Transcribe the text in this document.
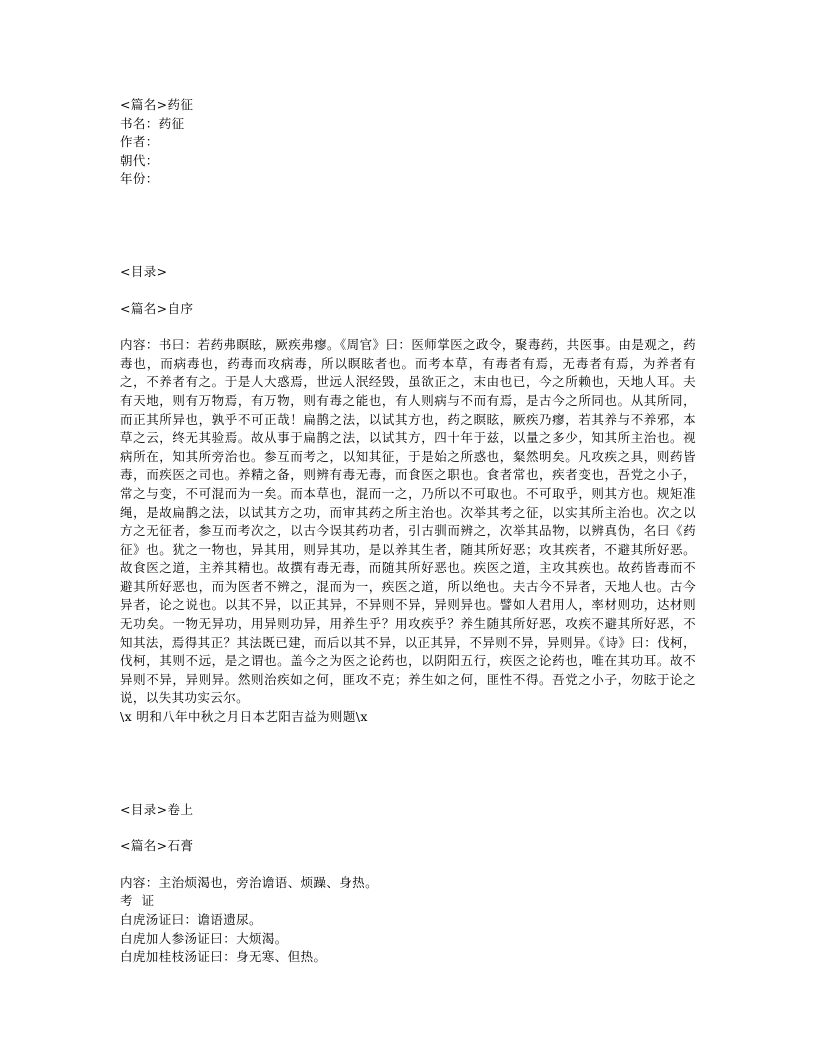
<篇名>药征

书名：药征

作者：

朝代：

年份：

<目录>

<篇名>自序

内容：书曰：若药弗瞑眩，厥疾弗瘳。《周官》曰：医师掌医之政令，聚毒药，共医事。由是观之，药毒也，而病毒也，药毒而攻病毒，所以瞑眩者也。而考本草，有毒者有焉，无毒者有焉，为养者有之，不养者有之。于是人大惑焉，世远人泯经毁，虽欲正之，末由也已，今之所赖也，天地人耳。夫有天地，则有万物焉，有万物，则有毒之能也，有人则病与不而有焉，是古今之所同也。从其所同，而正其所异也，孰乎不可正哉！扁鹊之法，以试其方也，药之瞑眩，厥疾乃瘳，若其养与不养邪，本草之云，终无其验焉。故从事于扁鹊之法，以试其方，四十年于兹，以量之多少，知其所主治也。视病所在，知其所旁治也。参互而考之，以知其征，于是始之所惑也，粲然明矣。凡攻疾之具，则药皆毒，而疾医之司也。养精之备，则辨有毒无毒，而食医之职也。食者常也，疾者变也，吾党之小子，常之与变，不可混而为一矣。而本草也，混而一之，乃所以不可取也。不可取乎，则其方也。规矩准绳，是故扁鹊之法，以试其方之功，而审其药之所主治也。次举其考之征，以实其所主治也。次之以方之无征者，参互而考次之，以古今误其药功者，引古驯而辨之，次举其品物，以辨真伪，名曰《药征》也。犹之一物也，异其用，则异其功，是以养其生者，随其所好恶；攻其疾者，不避其所好恶。故食医之道，主养其精也。故撰有毒无毒，而随其所好恶也。疾医之道，主攻其疾也。故药皆毒而不避其所好恶也，而为医者不辨之，混而为一，疾医之道，所以绝也。夫古今不异者，天地人也。古今异者，论之说也。以其不异，以正其异，不异则不异，异则异也。譬如人君用人，率材则功，达材则无功矣。一物无异功，用异则功异，用养生乎？用攻疾乎？养生随其所好恶，攻疾不避其所好恶，不知其法，焉得其正？其法既已建，而后以其不异，以正其异，不异则不异，异则异。《诗》曰：伐柯，伐柯，其则不远，是之谓也。盖今之为医之论药也，以阴阳五行，疾医之论药也，唯在其功耳。故不异则不异，异则异。然则治疾如之何，匪攻不克；养生如之何，匪性不得。吾党之小子，勿眩于论之说，以失其功实云尔。

\x 明和八年中秋之月日本艺阳吉益为则题\x

<目录>卷上

<篇名>石膏

内容：主治烦渴也，旁治谵语、烦躁、身热。

考  证

白虎汤证曰：谵语遗尿。

白虎加人参汤证曰：大烦渴。

白虎加桂枝汤证曰：身无寒、但热。
